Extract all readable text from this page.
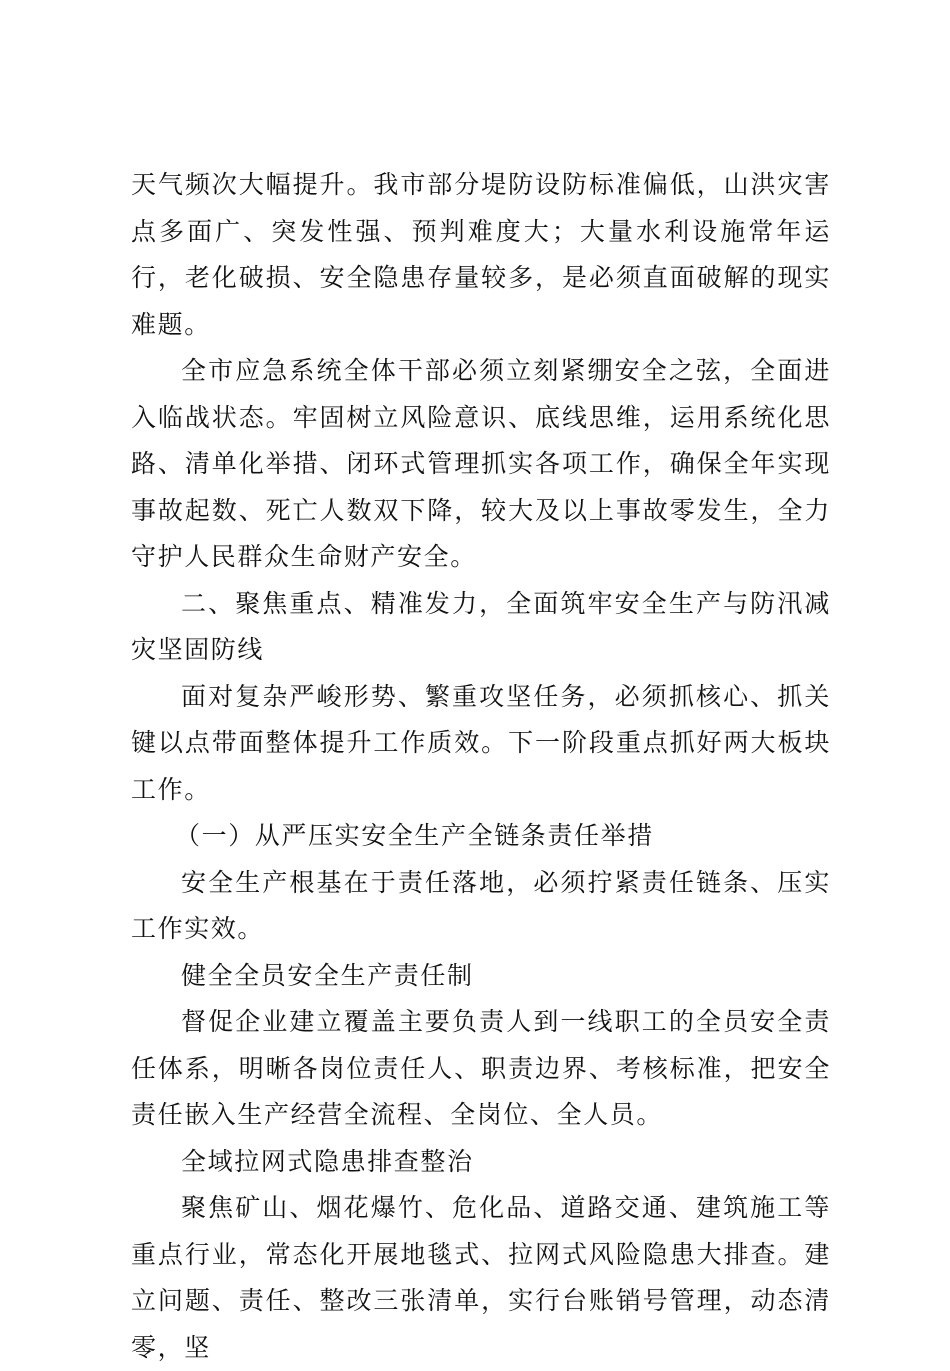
天气频次大幅提升。我市部分堤防设防标准偏低，山洪灾害点多面广、突发性强、预判难度大；大量水利设施常年运行，老化破损、安全隐患存量较多，是必须直面破解的现实难题。

全市应急系统全体干部必须立刻紧绷安全之弦，全面进入临战状态。牢固树立风险意识、底线思维，运用系统化思路、清单化举措、闭环式管理抓实各项工作，确保全年实现事故起数、死亡人数双下降，较大及以上事故零发生，全力守护人民群众生命财产安全。

二、聚焦重点、精准发力，全面筑牢安全生产与防汛减灾坚固防线

面对复杂严峻形势、繁重攻坚任务，必须抓核心、抓关键以点带面整体提升工作质效。下一阶段重点抓好两大板块工作。

（一）从严压实安全生产全链条责任举措

安全生产根基在于责任落地，必须拧紧责任链条、压实工作实效。

健全全员安全生产责任制

督促企业建立覆盖主要负责人到一线职工的全员安全责任体系，明晰各岗位责任人、职责边界、考核标准，把安全责任嵌入生产经营全流程、全岗位、全人员。

全域拉网式隐患排查整治

聚焦矿山、烟花爆竹、危化品、道路交通、建筑施工等重点行业，常态化开展地毯式、拉网式风险隐患大排查。建立问题、责任、整改三张清单，实行台账销号管理，动态清零，坚
